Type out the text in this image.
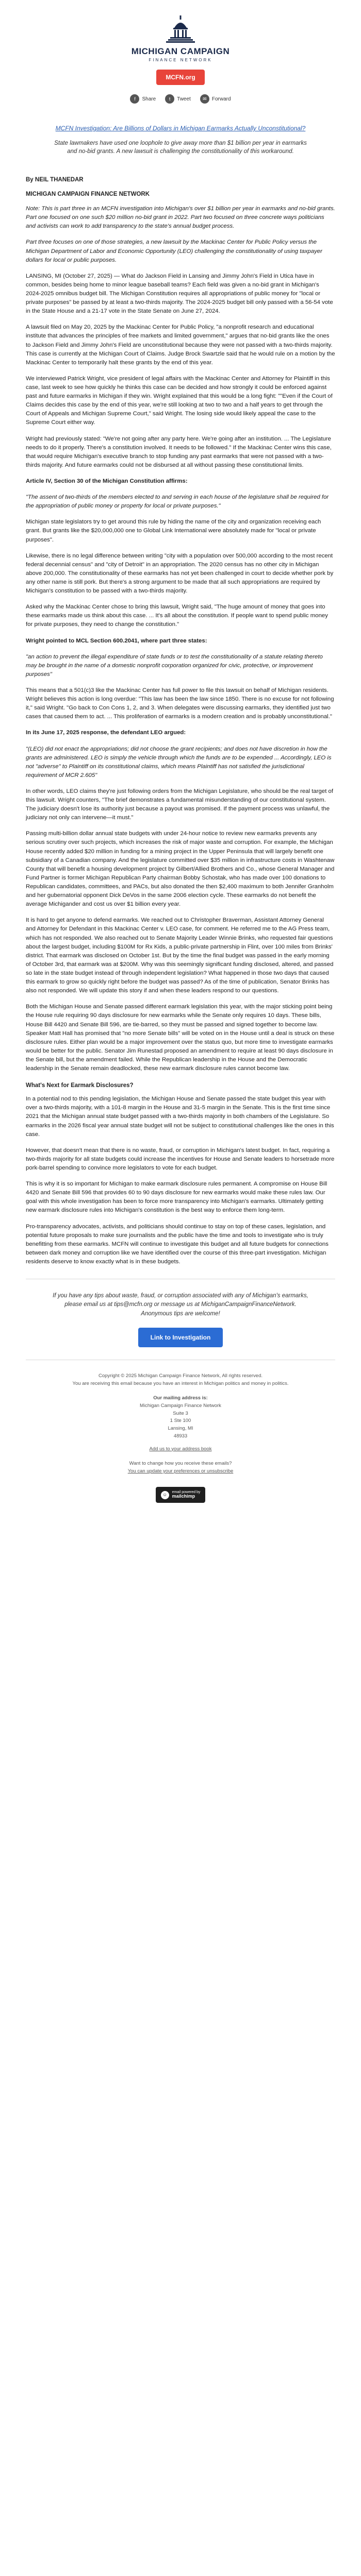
MICHIGAN CAMPAIGN
FINANCE NETWORK
MCFN.org
f	Share	t	Tweet	✉	Forward
MCFN Investigation: Are Billions of Dollars in Michigan Earmarks Actually Unconstitutional?
State lawmakers have used one loophole to give away more than $1 billion per year in earmarks and no-bid grants. A new lawsuit is challenging the constitutionality of this workaround.
By NEIL THANEDAR
MICHIGAN CAMPAIGN FINANCE NETWORK

Note: This is part three in an MCFN investigation into Michigan's over $1 billion per year in earmarks and no-bid grants. Part one focused on one such $20 million no-bid grant in 2022. Part two focused on three concrete ways politicians and activists can work to add transparency to the state's annual budget process.

Part three focuses on one of those strategies, a new lawsuit by the Mackinac Center for Public Policy versus the Michigan Department of Labor and Economic Opportunity (LEO) challenging the constitutionality of using taxpayer dollars for local or public purposes.

LANSING, MI (October 27, 2025) — What do Jackson Field in Lansing and Jimmy John's Field in Utica have in common, besides being home to minor league baseball teams? Each field was given a no-bid grant in Michigan's 2024-2025 omnibus budget bill. The Michigan Constitution requires all appropriations of public money for "local or private purposes" be passed by at least a two-thirds majority. The 2024-2025 budget bill only passed with a 56-54 vote in the State House and a 21-17 vote in the State Senate on June 27, 2024.

A lawsuit filed on May 20, 2025 by the Mackinac Center for Public Policy, "a nonprofit research and educational institute that advances the principles of free markets and limited government," argues that no-bid grants like the ones to Jackson Field and Jimmy John's Field are unconstitutional because they were not passed with a two-thirds majority. This case is currently at the Michigan Court of Claims. Judge Brock Swartzle said that he would rule on a motion by the Mackinac Center to temporarily halt these grants by the end of this year.

We interviewed Patrick Wright, vice president of legal affairs with the Mackinac Center and Attorney for Plaintiff in this case, last week to see how quickly he thinks this case can be decided and how strongly it could be enforced against past and future earmarks in Michigan if they win. Wright explained that this would be a long fight: ""Even if the Court of Claims decides this case by the end of this year, we're still looking at two to two and a half years to get through the Court of Appeals and Michigan Supreme Court," said Wright. The losing side would likely appeal the case to the Supreme Court either way.

Wright had previously stated: "We're not going after any party here. We're going after an institution. ... The Legislature needs to do it properly. There's a constitution involved. It needs to be followed." If the Mackinac Center wins this case, that would require Michigan's executive branch to stop funding any past earmarks that were not passed with a two-thirds majority. And future earmarks could not be disbursed at all without passing these constitutional limits.

Article IV, Section 30 of the Michigan Constitution affirms:

"The assent of two-thirds of the members elected to and serving in each house of the legislature shall be required for the appropriation of public money or property for local or private purposes."

Michigan state legislators try to get around this rule by hiding the name of the city and organization receiving each grant. But grants like the $20,000,000 one to Global Link International were absolutely made for "local or private purposes".

Likewise, there is no legal difference between writing "city with a population over 500,000 according to the most recent federal decennial census" and "city of Detroit" in an appropriation. The 2020 census has no other city in Michigan above 200,000. The constitutionality of these earmarks has not yet been challenged in court to decide whether pork by any other name is still pork. But there's a strong argument to be made that all such appropriations are required by Michigan's constitution to be passed with a two-thirds majority.

Asked why the Mackinac Center chose to bring this lawsuit, Wright said, "The huge amount of money that goes into these earmarks made us think about this case. ... It's all about the constitution. If people want to spend public money for private purposes, they need to change the constitution."

Wright pointed to MCL Section 600.2041, where part three states:

"an action to prevent the illegal expenditure of state funds or to test the constitutionality of a statute relating thereto may be brought in the name of a domestic nonprofit corporation organized for civic, protective, or improvement purposes"

This means that a 501(c)3 like the Mackinac Center has full power to file this lawsuit on behalf of Michigan residents. Wright believes this action is long overdue: "This law has been the law since 1850. There is no excuse for not following it," said Wright. "Go back to Con Cons 1, 2, and 3. When delegates were discussing earmarks, they identified just two cases that caused them to act. ... This proliferation of earmarks is a modern creation and is probably unconstitutional."

In its June 17, 2025 response, the defendant LEO argued:

"(LEO) did not enact the appropriations; did not choose the grant recipients; and does not have discretion in how the grants are administered. LEO is simply the vehicle through which the funds are to be expended ... Accordingly, LEO is not "adverse" to Plaintiff on its constitutional claims, which means Plaintiff has not satisfied the jurisdictional requirement of MCR 2.605"

In other words, LEO claims they're just following orders from the Michigan Legislature, who should be the real target of this lawsuit. Wright counters, "The brief demonstrates a fundamental misunderstanding of our constitutional system. The judiciary doesn't lose its authority just because a payout was promised. If the payment process was unlawful, the judiciary not only can intervene—it must."

Passing multi-billion dollar annual state budgets with under 24-hour notice to review new earmarks prevents any serious scrutiny over such projects, which increases the risk of major waste and corruption. For example, the Michigan House recently added $20 million in funding for a mining project in the Upper Peninsula that will largely benefit one subsidiary of a Canadian company. And the legislature committed over $35 million in infrastructure costs in Washtenaw County that will benefit a housing development project by Gilbert/Allied Brothers and Co., whose General Manager and Fund Partner is former Michigan Republican Party chairman Bobby Schostak, who has made over 100 donations to Republican candidates, committees, and PACs, but also donated the then $2,400 maximum to both Jennifer Granholm and her gubernatorial opponent Dick DeVos in the same 2006 election cycle. These earmarks do not benefit the average Michigander and cost us over $1 billion every year.

It is hard to get anyone to defend earmarks. We reached out to Christopher Braverman, Assistant Attorney General and Attorney for Defendant in this Mackinac Center v. LEO case, for comment. He referred me to the AG Press team, which has not responded. We also reached out to Senate Majority Leader Winnie Brinks, who requested fair questions about the largest budget, including $100M for Rx Kids, a public-private partnership in Flint, over 100 miles from Brinks' district. That earmark was disclosed on October 1st. But by the time the final budget was passed in the early morning of October 3rd, that earmark was at $200M. Why was this seemingly significant funding disclosed, altered, and passed so late in the state budget instead of through independent legislation? What happened in those two days that caused this earmark to grow so quickly right before the budget was passed? As of the time of publication, Senator Brinks has also not responded. We will update this story if and when these leaders respond to our questions.

Both the Michigan House and Senate passed different earmark legislation this year, with the major sticking point being the House rule requiring 90 days disclosure for new earmarks while the Senate only requires 10 days. These bills, House Bill 4420 and Senate Bill 596, are tie-barred, so they must be passed and signed together to become law. Speaker Matt Hall has promised that "no more Senate bills" will be voted on in the House until a deal is struck on these disclosure rules. Either plan would be a major improvement over the status quo, but more time to investigate earmarks would be better for the public. Senator Jim Runestad proposed an amendment to require at least 90 days disclosure in the Senate bill, but the amendment failed. While the Republican leadership in the House and the Democratic leadership in the Senate remain deadlocked, these new earmark disclosure rules cannot become law.

What's Next for Earmark Disclosures?

In a potential nod to this pending legislation, the Michigan House and Senate passed the state budget this year with over a two-thirds majority, with a 101-8 margin in the House and 31-5 margin in the Senate. This is the first time since 2021 that the Michigan annual state budget passed with a two-thirds majority in both chambers of the Legislature. So earmarks in the 2026 fiscal year annual state budget will not be subject to constitutional challenges like the ones in this case.

However, that doesn't mean that there is no waste, fraud, or corruption in Michigan's latest budget. In fact, requiring a two-thirds majority for all state budgets could increase the incentives for House and Senate leaders to horsetrade more pork-barrel spending to convince more legislators to vote for each budget.

This is why it is so important for Michigan to make earmark disclosure rules permanent. A compromise on House Bill 4420 and Senate Bill 596 that provides 60 to 90 days disclosure for new earmarks would make these rules law. Our goal with this whole investigation has been to force more transparency into Michigan's earmarks. Ultimately getting new earmark disclosure rules into Michigan's constitution is the best way to enforce them long-term.

Pro-transparency advocates, activists, and politicians should continue to stay on top of these cases, legislation, and potential future proposals to make sure journalists and the public have the time and tools to investigate who is truly benefitting from these earmarks. MCFN will continue to investigate this budget and all future budgets for connections between dark money and corruption like we have identified over the course of this three-part investigation. Michigan residents deserve to know exactly what is in these budgets.

If you have any tips about waste, fraud, or corruption associated with any of Michigan's earmarks, please email us at tips@mcfn.org or message us at MichiganCampaignFinanceNetwork. Anonymous tips are welcome!
Link to Investigation
Copyright © 2025 Michigan Campaign Finance Network, All rights reserved.
You are receiving this email because you have an interest in Michigan politics and money in politics.
Our mailing address is:
Michigan Campaign Finance Network
Suite 3
1 Ste 100
Lansing, MI
48933
Add us to your address book
Want to change how you receive these emails?
You can update your preferences or unsubscribe
☺	email powered by
mailchimp
